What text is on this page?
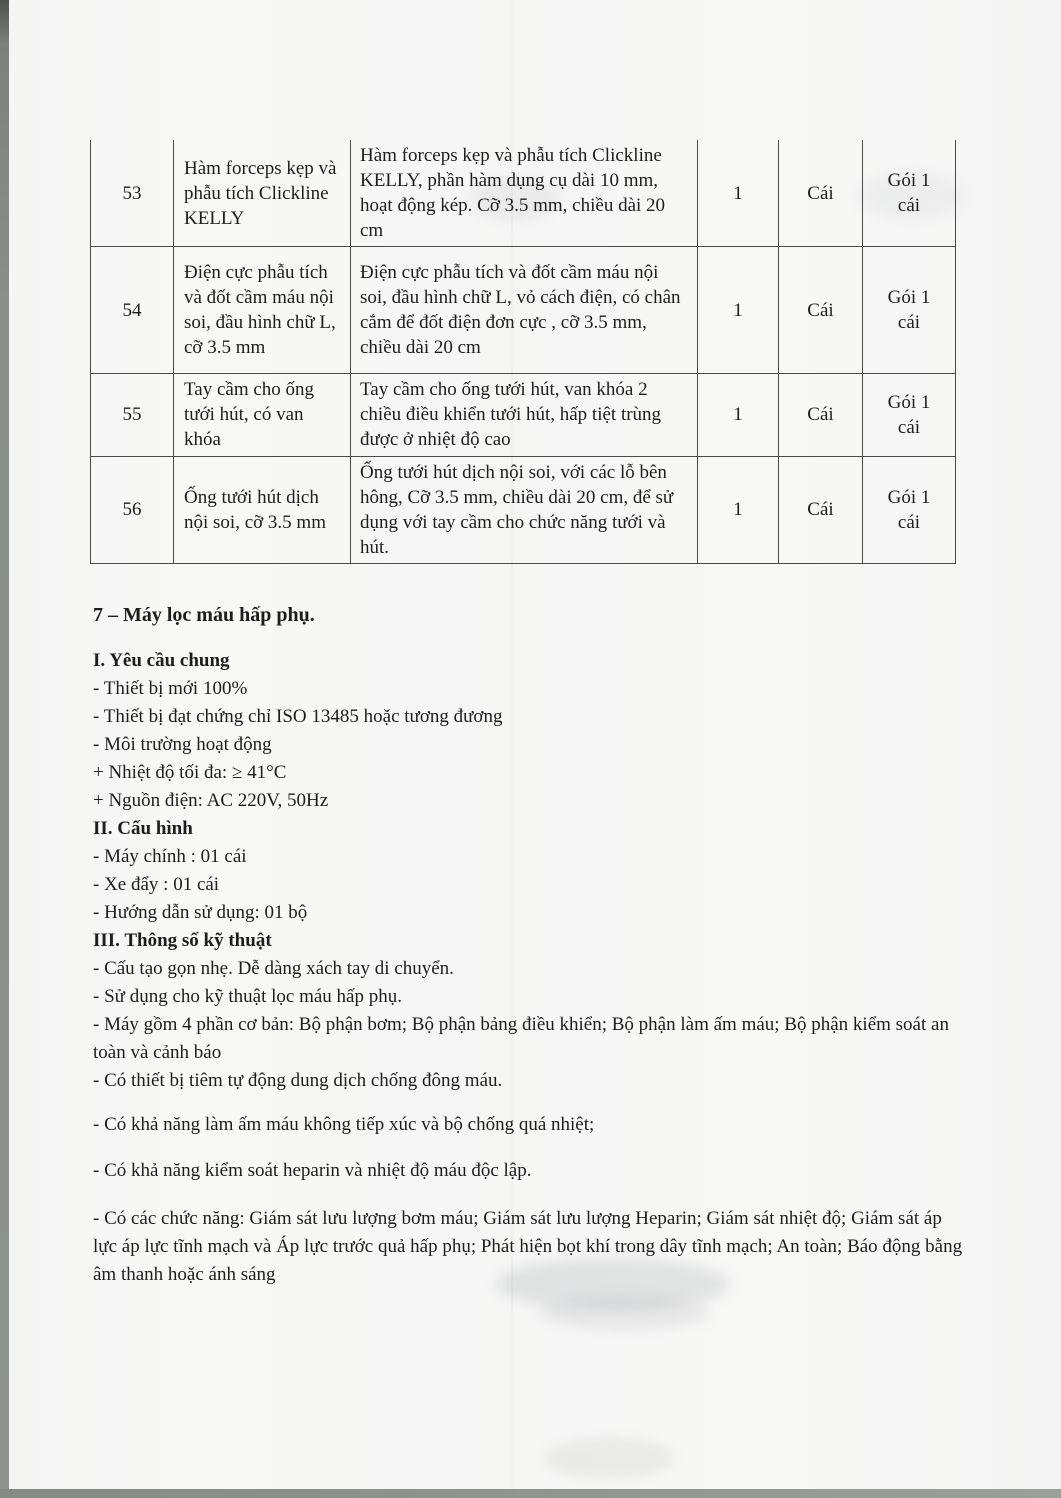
53	Hàm forceps kẹp và phẫu tích Clickline KELLY	Hàm forceps kẹp và phẫu tích Clickline KELLY, phần hàm dụng cụ dài 10 mm, hoạt động kép. Cỡ 3.5 mm, chiều dài 20 cm	1	Cái	Gói 1 cái
54	Điện cực phẫu tích và đốt cầm máu nội soi, đầu hình chữ L, cỡ 3.5 mm	Điện cực phẫu tích và đốt cầm máu nội soi, đầu hình chữ L, vỏ cách điện, có chân cắm để đốt điện đơn cực , cỡ 3.5 mm, chiều dài 20 cm	1	Cái	Gói 1 cái
55	Tay cầm cho ống tưới hút, có van khóa	Tay cầm cho ống tưới hút, van khóa 2 chiều điều khiển tưới hút, hấp tiệt trùng được ở nhiệt độ cao	1	Cái	Gói 1 cái
56	Ống tưới hút dịch nội soi, cỡ 3.5 mm	Ống tưới hút dịch nội soi, với các lỗ bên hông, Cỡ 3.5 mm, chiều dài 20 cm, để sử dụng với tay cầm cho chức năng tưới và hút.	1	Cái	Gói 1 cái
7 – Máy lọc máu hấp phụ.
I. Yêu cầu chung
- Thiết bị mới 100%
- Thiết bị đạt chứng chỉ ISO 13485 hoặc tương đương
- Môi trường hoạt động
+ Nhiệt độ tối đa: ≥ 41°C
+ Nguồn điện: AC 220V, 50Hz
II. Cấu hình
- Máy chính : 01 cái
- Xe đẩy : 01 cái
- Hướng dẫn sử dụng: 01 bộ
III. Thông số kỹ thuật
- Cấu tạo gọn nhẹ. Dễ dàng xách tay di chuyển.
- Sử dụng cho kỹ thuật lọc máu hấp phụ.
- Máy gồm 4 phần cơ bản: Bộ phận bơm; Bộ phận bảng điều khiển; Bộ phận làm ấm máu; Bộ phận kiểm soát an toàn và cảnh báo
- Có thiết bị tiêm tự động dung dịch chống đông máu.
- Có khả năng làm ấm máu không tiếp xúc và bộ chống quá nhiệt;
- Có khả năng kiểm soát heparin và nhiệt độ máu độc lập.
- Có các chức năng: Giám sát lưu lượng bơm máu; Giám sát lưu lượng Heparin; Giám sát nhiệt độ; Giám sát áp lực áp lực tĩnh mạch và Áp lực trước quả hấp phụ; Phát hiện bọt khí trong dây tĩnh mạch; An toàn; Báo động bằng âm thanh hoặc ánh sáng
